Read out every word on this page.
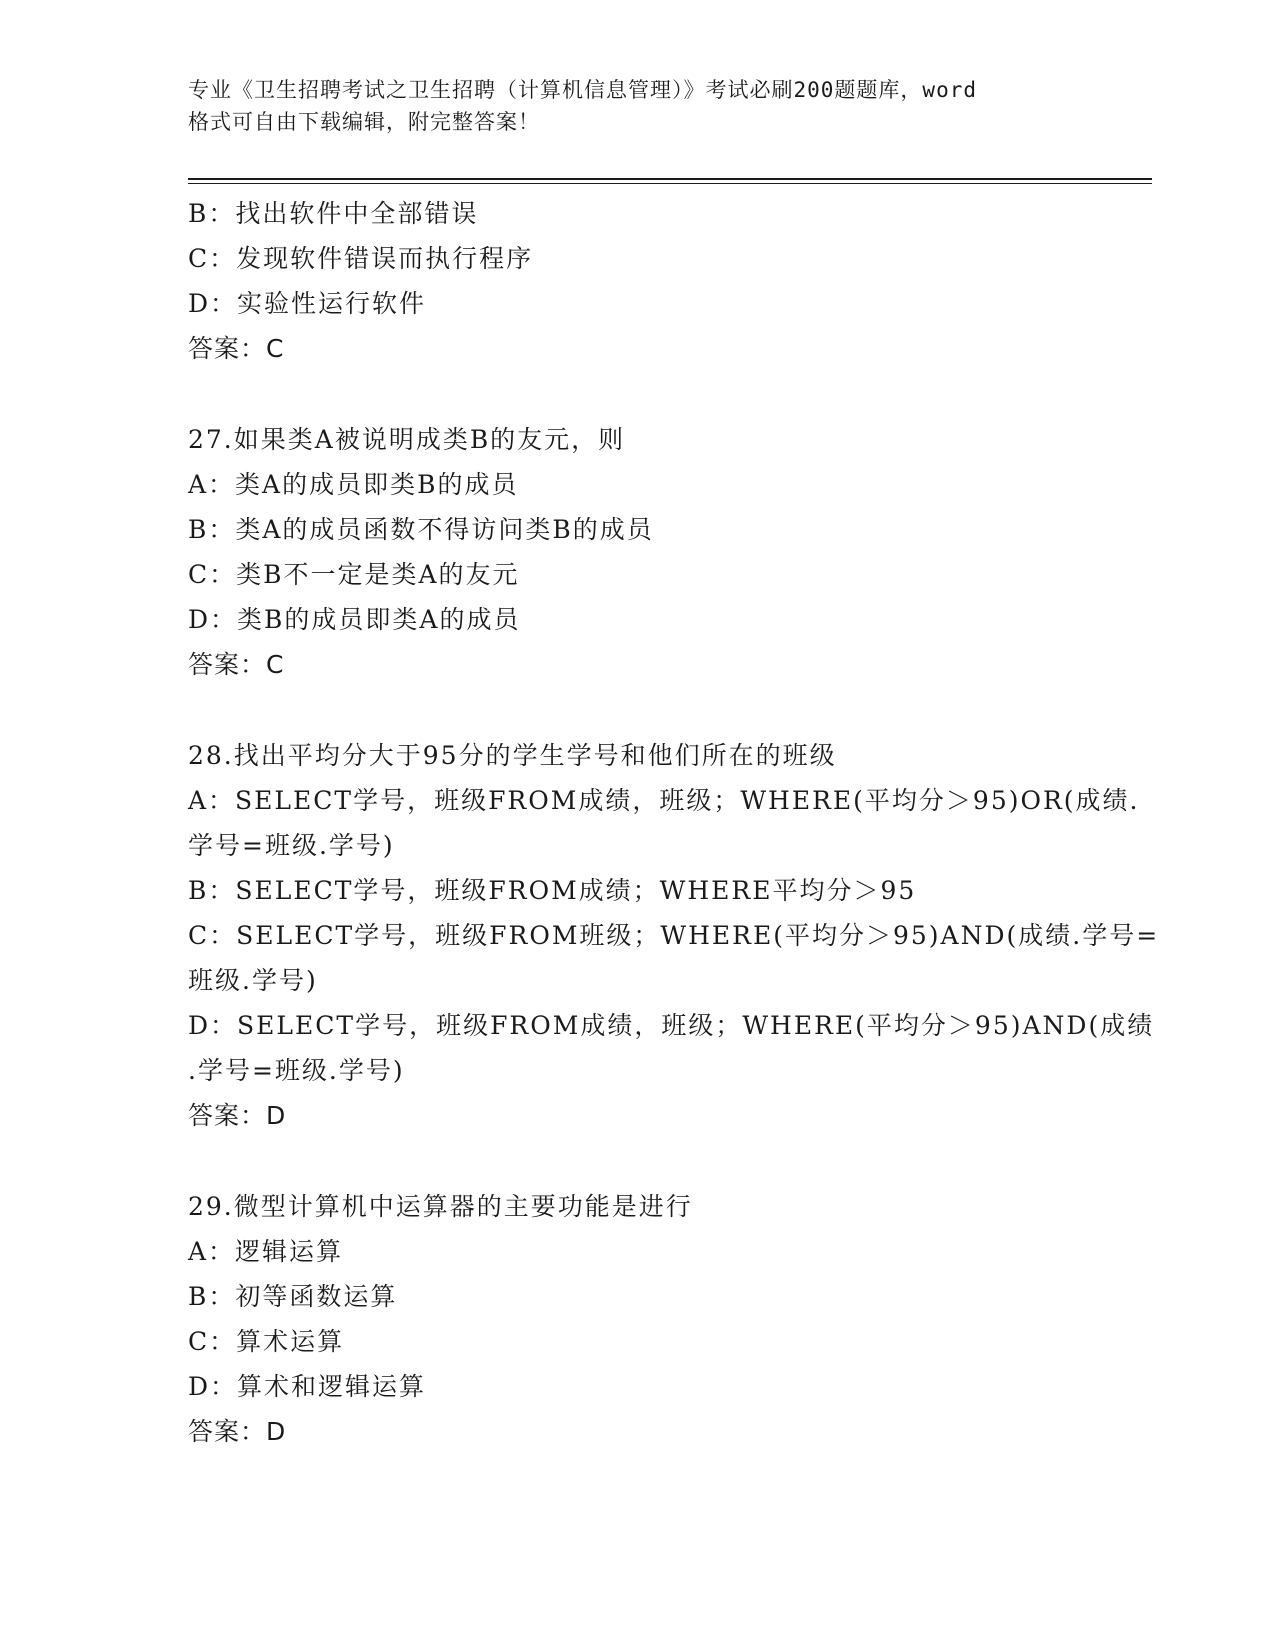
专业《卫生招聘考试之卫生招聘（计算机信息管理）》考试必刷200题题库，word
格式可自由下载编辑，附完整答案！
B：找出软件中全部错误
C：发现软件错误而执行程序
D：实验性运行软件
答案：C
27.如果类A被说明成类B的友元，则
A：类A的成员即类B的成员
B：类A的成员函数不得访问类B的成员
C：类B不一定是类A的友元
D：类B的成员即类A的成员
答案：C
28.找出平均分大于95分的学生学号和他们所在的班级
A：SELECT学号，班级FROM成绩，班级；WHERE(平均分＞95)OR(成绩.
学号=班级.学号)
B：SELECT学号，班级FROM成绩；WHERE平均分＞95
C：SELECT学号，班级FROM班级；WHERE(平均分＞95)AND(成绩.学号=
班级.学号)
D：SELECT学号，班级FROM成绩，班级；WHERE(平均分＞95)AND(成绩
.学号=班级.学号)
答案：D
29.微型计算机中运算器的主要功能是进行
A：逻辑运算
B：初等函数运算
C：算术运算
D：算术和逻辑运算
答案：D
